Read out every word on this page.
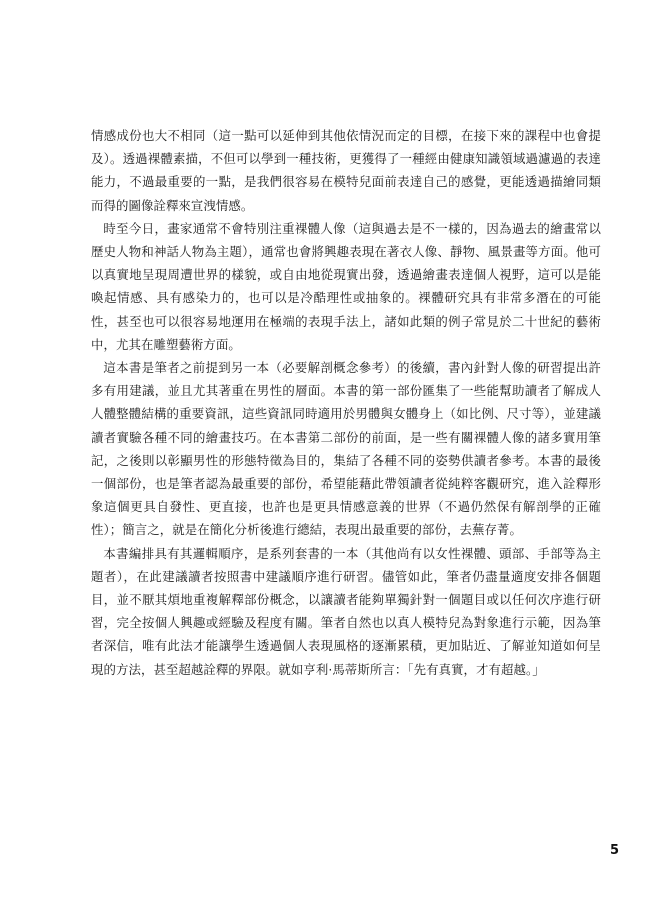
情感成份也大不相同（這一點可以延伸到其他依情況而定的目標，在接下來的課程中也會提及）。透過裸體素描，不但可以學到一種技術，更獲得了一種經由健康知識領域過濾過的表達能力，不過最重要的一點，是我們很容易在模特兒面前表達自己的感覺，更能透過描繪同類而得的圖像詮釋來宣洩情感。

時至今日，畫家通常不會特別注重裸體人像（這與過去是不一樣的，因為過去的繪畫常以歷史人物和神話人物為主題），通常也會將興趣表現在著衣人像、靜物、風景畫等方面。他可以真實地呈現周遭世界的樣貌，或自由地從現實出發，透過繪畫表達個人視野，這可以是能喚起情感、具有感染力的，也可以是冷酷理性或抽象的。裸體研究具有非常多潛在的可能性，甚至也可以很容易地運用在極端的表現手法上，諸如此類的例子常見於二十世紀的藝術中，尤其在雕塑藝術方面。

這本書是筆者之前提到另一本（必要解剖概念參考）的後續，書內針對人像的研習提出許多有用建議，並且尤其著重在男性的層面。本書的第一部份匯集了一些能幫助讀者了解成人人體整體結構的重要資訊，這些資訊同時適用於男體與女體身上（如比例、尺寸等），並建議讀者實驗各種不同的繪畫技巧。在本書第二部份的前面，是一些有關裸體人像的諸多實用筆記，之後則以彰顯男性的形態特徵為目的，集結了各種不同的姿勢供讀者參考。本書的最後一個部份，也是筆者認為最重要的部份，希望能藉此帶領讀者從純粹客觀研究，進入詮釋形象這個更具自發性、更直接，也許也是更具情感意義的世界（不過仍然保有解剖學的正確性）；簡言之，就是在簡化分析後進行總結，表現出最重要的部份，去蕪存菁。

本書編排具有其邏輯順序，是系列套書的一本（其他尚有以女性裸體、頭部、手部等為主題者），在此建議讀者按照書中建議順序進行研習。儘管如此，筆者仍盡量適度安排各個題目，並不厭其煩地重複解釋部份概念，以讓讀者能夠單獨針對一個題目或以任何次序進行研習，完全按個人興趣或經驗及程度有關。筆者自然也以真人模特兒為對象進行示範，因為筆者深信，唯有此法才能讓學生透過個人表現風格的逐漸累積，更加貼近、了解並知道如何呈現的方法，甚至超越詮釋的界限。就如亨利·馬蒂斯所言：「先有真實，才有超越。」

5
